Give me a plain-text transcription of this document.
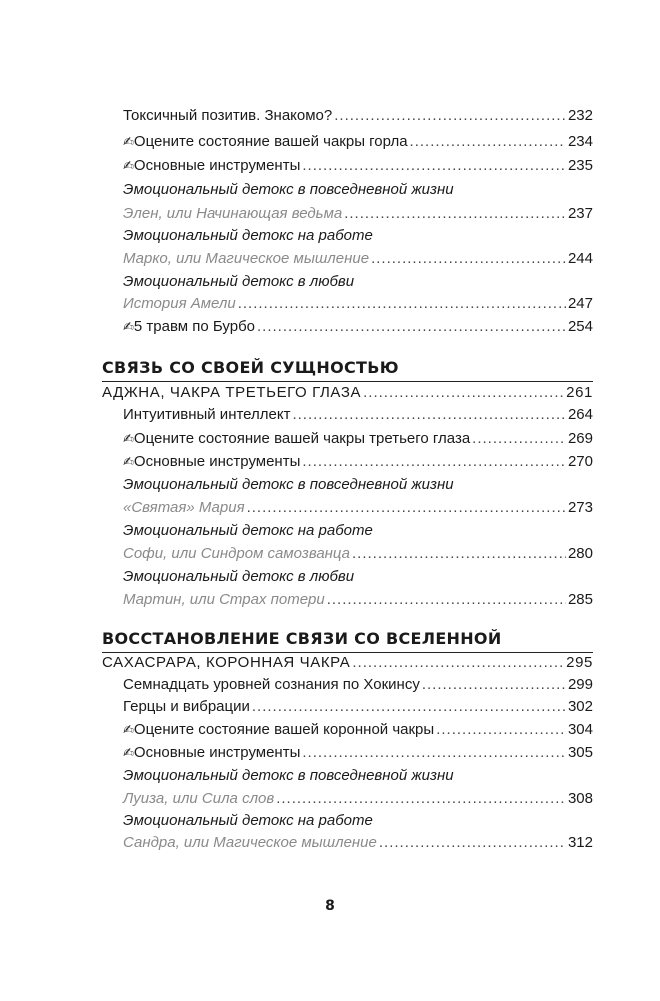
Токсичный позитив. Знакомо? .....	232
✍ Оцените состояние вашей чакры горла .....	234
✍ Основные инструменты .....	235
Эмоциональный детокс в повседневной жизни
Элен, или Начинающая ведьма .....	237
Эмоциональный детокс на работе
Марко, или Магическое мышление .....	244
Эмоциональный детокс в любви
История Амели .....	247
✍ 5 травм по Бурбо .....	254
СВЯЗЬ СО СВОЕЙ СУЩНОСТЬЮ
АДЖНА, ЧАКРА ТРЕТЬЕГО ГЛАЗА .....	261
Интуитивный интеллект .....	264
✍ Оцените состояние вашей чакры третьего глаза .....	269
✍ Основные инструменты .....	270
Эмоциональный детокс в повседневной жизни
«Святая» Мария .....	273
Эмоциональный детокс на работе
Софи, или Синдром самозванца .....	280
Эмоциональный детокс в любви
Мартин, или Страх потери .....	285
ВОССТАНОВЛЕНИЕ СВЯЗИ СО ВСЕЛЕННОЙ
САХАСРАРА, КОРОННАЯ ЧАКРА .....	295
Семнадцать уровней сознания по Хокинсу .....	299
Герцы и вибрации .....	302
✍ Оцените состояние вашей коронной чакры .....	304
✍ Основные инструменты .....	305
Эмоциональный детокс в повседневной жизни
Луиза, или Сила слов .....	308
Эмоциональный детокс на работе
Сандра, или Магическое мышление .....	312
8
